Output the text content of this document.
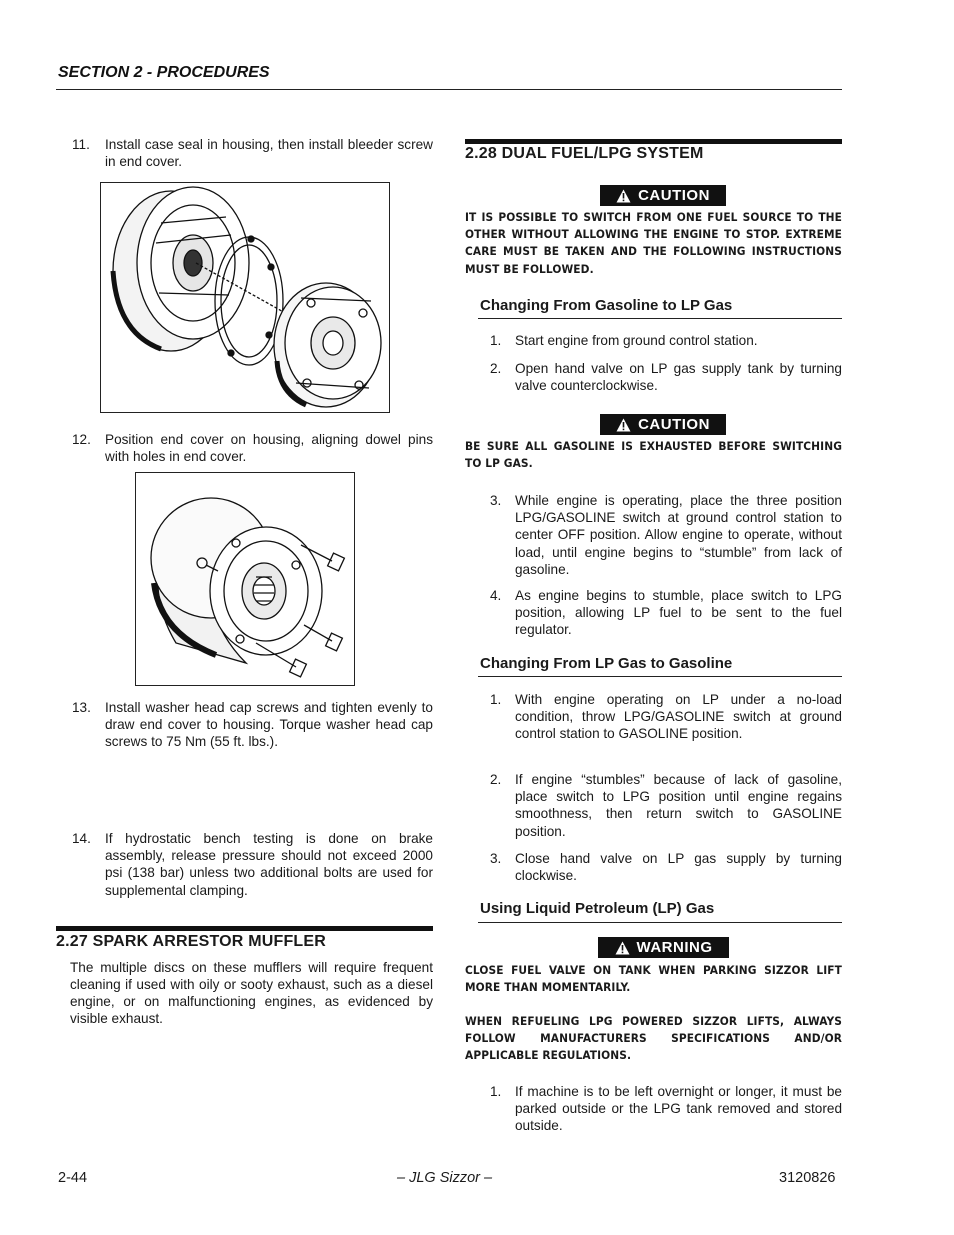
SECTION 2 - PROCEDURES
11. Install case seal in housing, then install bleeder screw in end cover.
12. Position end cover on housing, aligning dowel pins with holes in end cover.
13. Install washer head cap screws and tighten evenly to draw end cover to housing. Torque washer head cap screws to 75 Nm (55 ft. lbs.).
14. If hydrostatic bench testing is done on brake assembly, release pressure should not exceed 2000 psi (138 bar) unless two additional bolts are used for supplemental clamping.
2.27 SPARK ARRESTOR MUFFLER
The multiple discs on these mufflers will require frequent cleaning if used with oily or sooty exhaust, such as a diesel engine, or on malfunctioning engines, as evidenced by visible exhaust.
2.28 DUAL FUEL/LPG SYSTEM
CAUTION
IT IS POSSIBLE TO SWITCH FROM ONE FUEL SOURCE TO THE OTHER WITHOUT ALLOWING THE ENGINE TO STOP. EXTREME CARE MUST BE TAKEN AND THE FOLLOWING INSTRUCTIONS MUST BE FOLLOWED.
Changing From Gasoline to LP Gas
1. Start engine from ground control station.
2. Open hand valve on LP gas supply tank by turning valve counterclockwise.
CAUTION
BE SURE ALL GASOLINE IS EXHAUSTED BEFORE SWITCHING TO LP GAS.
3. While engine is operating, place the three position LPG/GASOLINE switch at ground control station to center OFF position. Allow engine to operate, without load, until engine begins to “stumble” from lack of gasoline.
4. As engine begins to stumble, place switch to LPG position, allowing LP fuel to be sent to the fuel regulator.
Changing From LP Gas to Gasoline
1. With engine operating on LP under a no-load condition, throw LPG/GASOLINE switch at ground control station to GASOLINE position.
2. If engine “stumbles” because of lack of gasoline, place switch to LPG position until engine regains smoothness, then return switch to GASOLINE position.
3. Close hand valve on LP gas supply by turning clockwise.
Using Liquid Petroleum (LP) Gas
WARNING
CLOSE FUEL VALVE ON TANK WHEN PARKING SIZZOR LIFT MORE THAN MOMENTARILY.
WHEN REFUELING LPG POWERED SIZZOR LIFTS, ALWAYS FOLLOW MANUFACTURERS SPECIFICATIONS AND/OR APPLICABLE REGULATIONS.
1. If machine is to be left overnight or longer, it must be parked outside or the LPG tank removed and stored outside.
2-44	– JLG Sizzor –	3120826
